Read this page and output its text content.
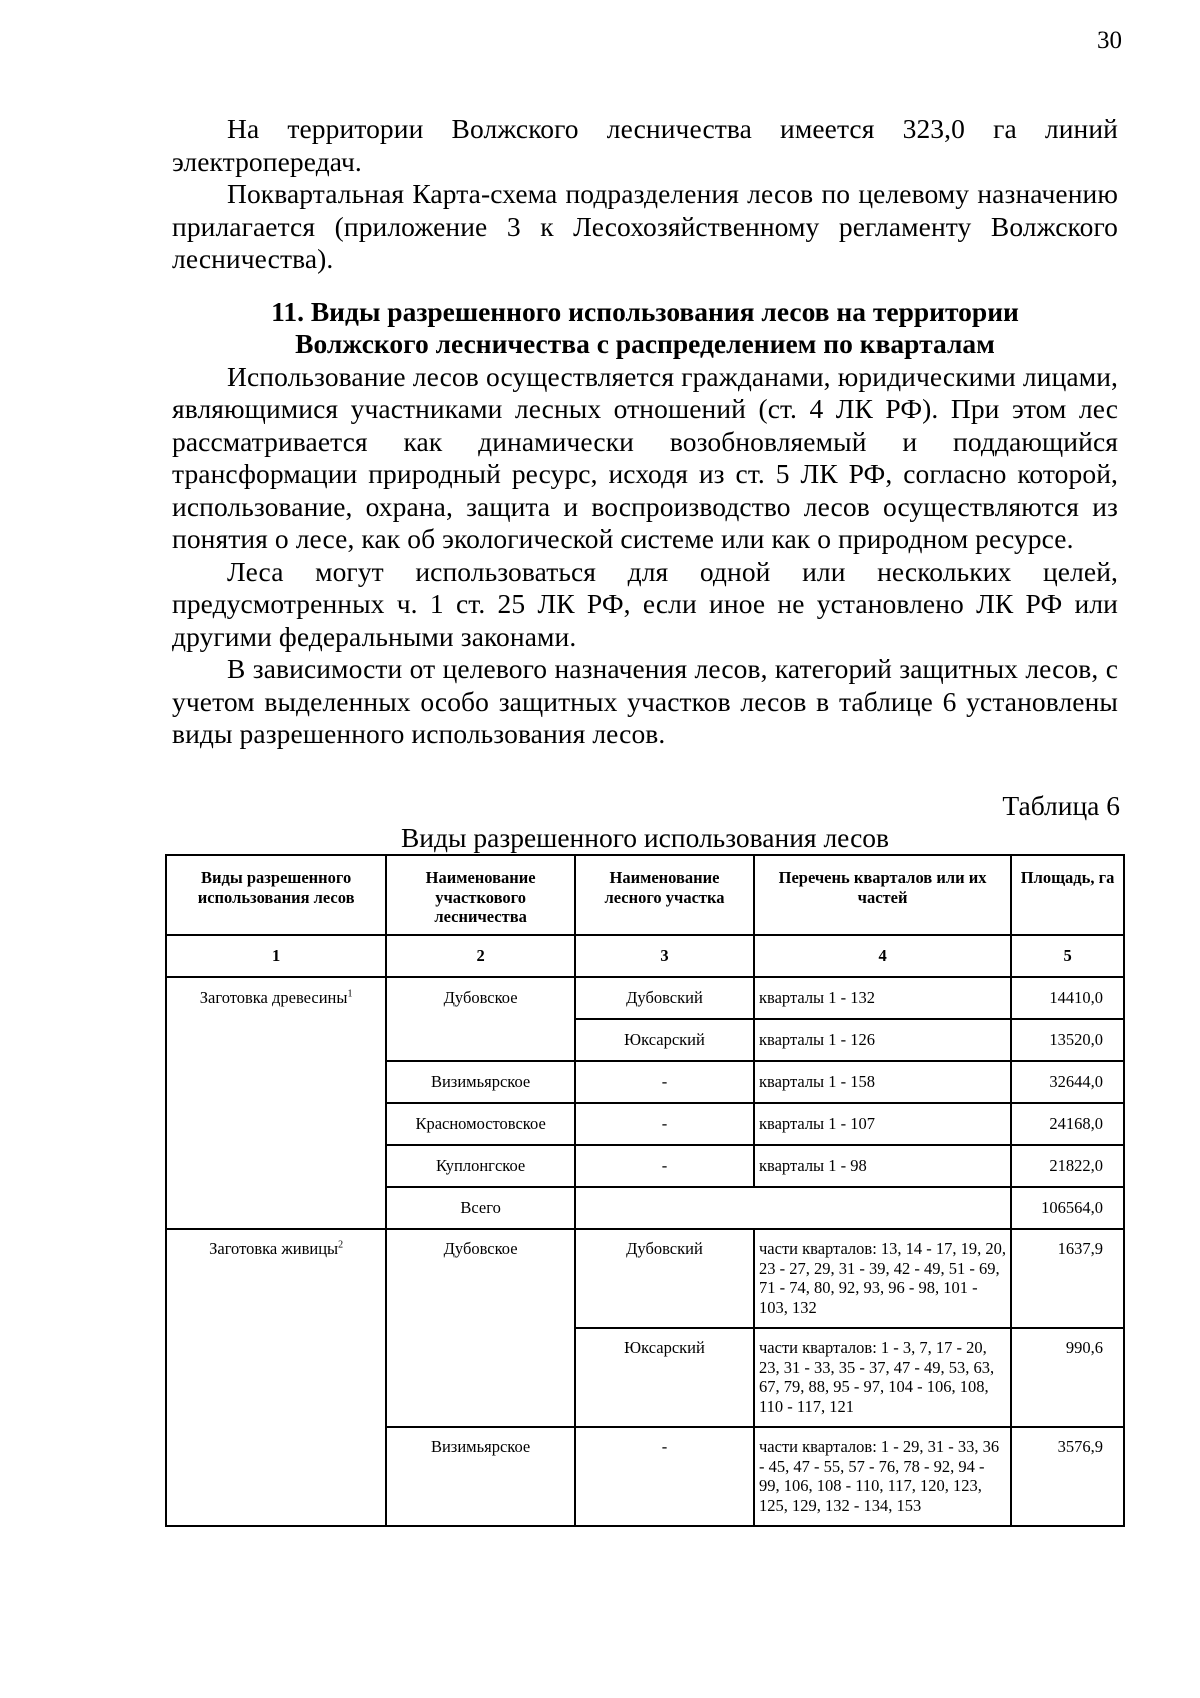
30

На территории Волжского лесничества имеется 323,0 га линий электропередач.

Поквартальная Карта-схема подразделения лесов по целевому назначению прилагается (приложение 3 к Лесохозяйственному регламенту Волжского лесничества).

11. Виды разрешенного использования лесов на территории
Волжского лесничества с распределением по кварталам

Использование лесов осуществляется гражданами, юридическими лицами, являющимися участниками лесных отношений (ст. 4 ЛК РФ). При этом лес рассматривается как динамически возобновляемый и поддающийся трансформации природный ресурс, исходя из ст. 5 ЛК РФ, согласно которой, использование, охрана, защита и воспроизводство лесов осуществляются из понятия о лесе, как об экологической системе или как о природном ресурсе.

Леса могут использоваться для одной или нескольких целей, предусмотренных ч. 1 ст. 25 ЛК РФ, если иное не установлено ЛК РФ или другими федеральными законами.

В зависимости от целевого назначения лесов, категорий защитных лесов, с учетом выделенных особо защитных участков лесов в таблице 6 установлены виды разрешенного использования лесов.

Таблица 6
Виды разрешенного использования лесов
Виды разрешенного использования лесов	Наименование участкового лесничества	Наименование лесного участка	Перечень кварталов или их частей	Площадь, га
1	2	3	4	5
Заготовка древесины$^1$	Дубовское	Дубовский	кварталы 1 - 132	14410,0
		Юксарский	кварталы 1 - 126	13520,0
	Визимьярское	-	кварталы 1 - 158	32644,0
	Красномостовское	-	кварталы 1 - 107	24168,0
	Куплонгское	-	кварталы 1 - 98	21822,0
	Всего			106564,0
Заготовка живицы$^2$	Дубовское	Дубовский	части кварталов: 13, 14 - 17, 19, 20, 23 - 27, 29, 31 - 39, 42 - 49, 51 - 69, 71 - 74, 80, 92, 93, 96 - 98, 101 - 103, 132	1637,9
		Юксарский	части кварталов: 1 - 3, 7, 17 - 20, 23, 31 - 33, 35 - 37, 47 - 49, 53, 63, 67, 79, 88, 95 - 97, 104 - 106, 108, 110 - 117, 121	990,6
	Визимьярское	-	части кварталов: 1 - 29, 31 - 33, 36 - 45, 47 - 55, 57 - 76, 78 - 92, 94 - 99, 106, 108 - 110, 117, 120, 123, 125, 129, 132 - 134, 153	3576,9
